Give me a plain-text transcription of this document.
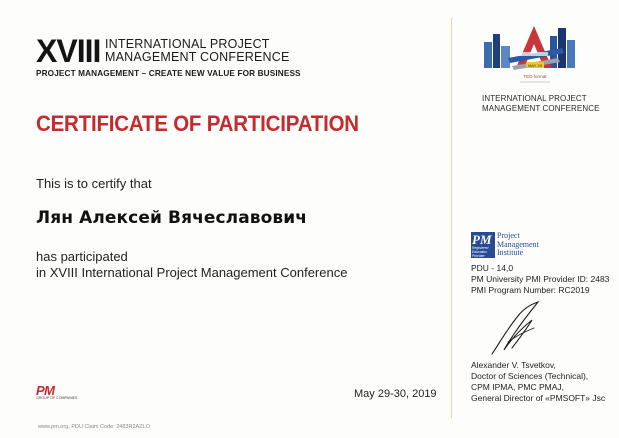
XVIII INTERNATIONAL PROJECT
MANAGEMENT CONFERENCE
PROJECT MANAGEMENT – CREATE NEW VALUE FOR BUSINESS
CERTIFICATE OF PARTICIPATION
This is to certify that
Лян Алексей Вячеславович
has participated
in XVIII International Project Management Conference
MAY 29
TED format
INTERNATIONAL PROJECT
MANAGEMENT CONFERENCE
PM
Registered
Education
Provider
Project
Management
Institute
PDU - 14,0
PM University PMI Provider ID: 2483
PMI Program Number: RC2019
Alexander V. Tsvetkov,
Doctor of Sciences (Technical),
CPM IPMA, PMC PMAJ,
General Director of «PMSOFT» Jsc
PM
GROUP OF COMPANIES
www.pm.org, PDU Claim Code: 2483R2AZLO
May 29-30, 2019
